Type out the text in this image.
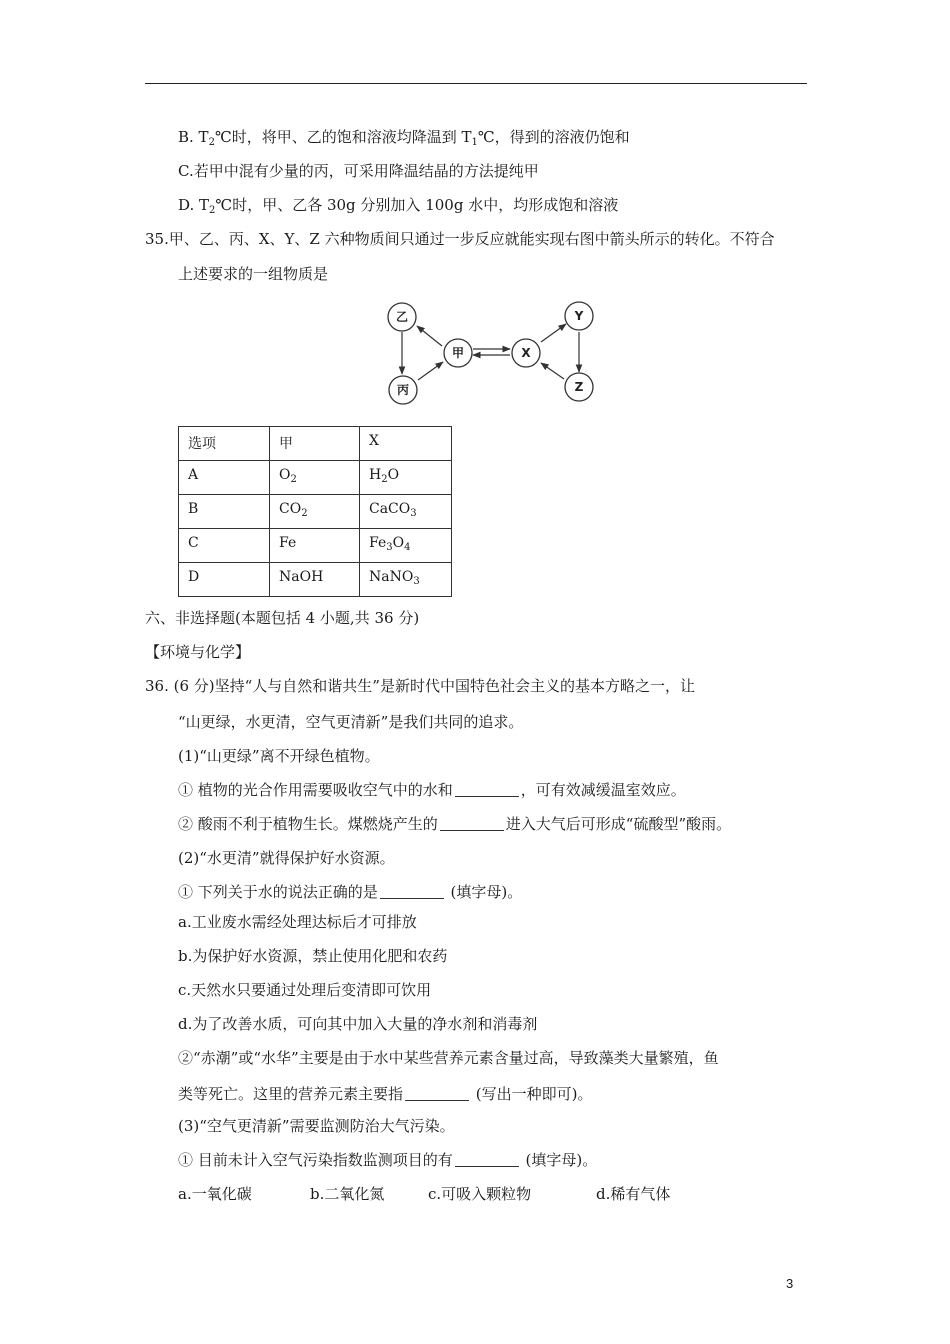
B. $T_2℃$时，将甲、乙的饱和溶液均降温到 $T_1℃$，得到的溶液仍饱和
C.若甲中混有少量的丙，可采用降温结晶的方法提纯甲
D. $T_2℃$时，甲、乙各 30g 分别加入 100g 水中，均形成饱和溶液
35.甲、乙、丙、X、Y、Z 六种物质间只通过一步反应就能实现右图中箭头所示的转化。不符合
上述要求的一组物质是
乙
丙
甲	X
Y
Z
选项	甲	X
A	$O_2$	$H_2O$
B	$CO_2$	CaCO$_3$
C	Fe	$Fe_3O_4$
D	NaOH	NaNO$_3$
六、非选择题(本题包括 4 小题,共 36 分)
【环境与化学】
36. (6 分)坚持“人与自然和谐共生”是新时代中国特色社会主义的基本方略之一，让
“山更绿，水更清，空气更清新”是我们共同的追求。
(1)“山更绿”离不开绿色植物。
① 植物的光合作用需要吸收空气中的水和	，可有效减缓温室效应。
② 酸雨不利于植物生长。煤燃烧产生的	进入大气后可形成“硫酸型”酸雨。
(2)“水更清”就得保护好水资源。
① 下列关于水的说法正确的是	(填字母)。
a.工业废水需经处理达标后才可排放
b.为保护好水资源，禁止使用化肥和农药
c.天然水只要通过处理后变清即可饮用
d.为了改善水质，可向其中加入大量的净水剂和消毒剂
②“赤潮”或“水华”主要是由于水中某些营养元素含量过高，导致藻类大量繁殖，鱼
类等死亡。这里的营养元素主要指	(写出一种即可)。
(3)“空气更清新”需要监测防治大气污染。
① 目前未计入空气污染指数监测项目的有	(填字母)。
a.一氧化碳	b.二氧化氮	c.可吸入颗粒物	d.稀有气体
3
